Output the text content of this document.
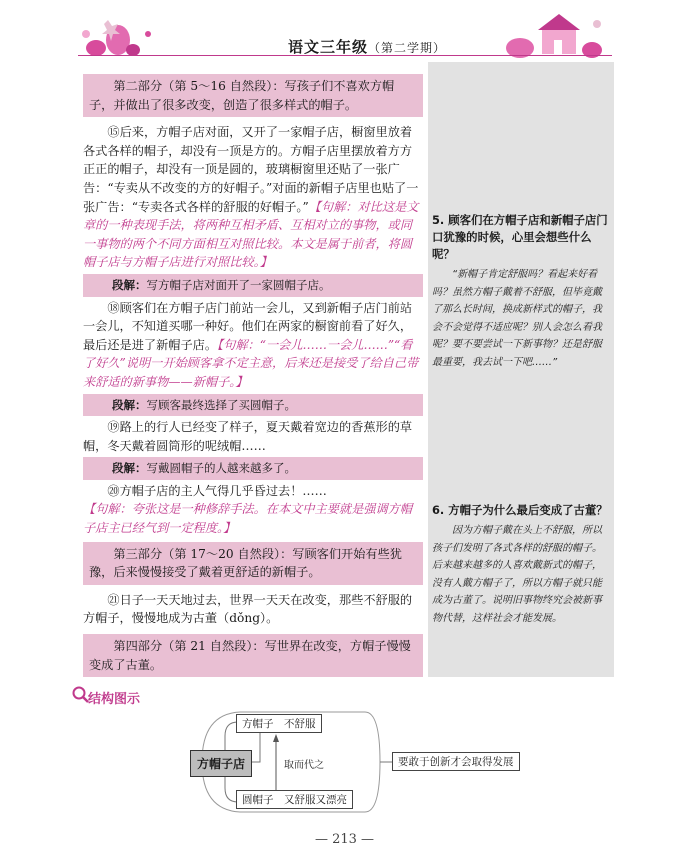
语文三年级（第二学期）
第二部分（第 5～16 自然段）：写孩子们不喜欢方帽子，并做出了很多改变，创造了很多样式的帽子。

⑮后来，方帽子店对面，又开了一家帽子店，橱窗里放着各式各样的帽子，却没有一顶是方的。方帽子店里摆放着方方正正的帽子，却没有一顶是圆的，玻璃橱窗里还贴了一张广告：“专卖从不改变的方的好帽子。”对面的新帽子店里也贴了一张广告：“专卖各式各样的舒服的好帽子。”【句解：对比这是文章的一种表现手法，将两种互相矛盾、互相对立的事物，或同一事物的两个不同方面相互对照比较。本文是属于前者，将圆帽子店与方帽子店进行对照比较。】

段解：写方帽子店对面开了一家圆帽子店。

⑱顾客们在方帽子店门前站一会儿，又到新帽子店门前站一会儿，不知道买哪一种好。他们在两家的橱窗前看了好久，最后还是进了新帽子店。【句解：“一会儿……一会儿……”“看了好久”说明一开始顾客拿不定主意，后来还是接受了给自己带来舒适的新事物——新帽子。】

段解：写顾客最终选择了买圆帽子。

⑲路上的行人已经变了样子，夏天戴着宽边的香蕉形的草帽，冬天戴着圆筒形的呢绒帽……

段解：写戴圆帽子的人越来越多了。

⑳方帽子店的主人气得几乎昏过去！……

【句解：夸张这是一种修辞手法。在本文中主要就是强调方帽子店主已经气到一定程度。】
第三部分（第 17～20 自然段）：写顾客们开始有些犹豫，后来慢慢接受了戴着更舒适的新帽子。

㉑日子一天天地过去，世界一天天在改变，那些不舒服的方帽子，慢慢地成为古董（dǒng）。

第四部分（第 21 自然段）：写世界在改变，方帽子慢慢变成了古董。
5. 顾客们在方帽子店和新帽子店门口犹豫的时候，心里会想些什么呢？
“新帽子肯定舒服吗？看起来好看吗？虽然方帽子戴着不舒服，但毕竟戴了那么长时间，换成新样式的帽子，我会不会觉得不适应呢？别人会怎么看我呢？要不要尝试一下新事物？还是舒服最重要，我去试一下吧……”
6. 方帽子为什么最后变成了古董？
因为方帽子戴在头上不舒服，所以孩子们发明了各式各样的舒服的帽子。后来越来越多的人喜欢戴新式的帽子，没有人戴方帽子了，所以方帽子就只能成为古董了。说明旧事物终究会被新事物代替，这样社会才能发展。
结构图示
方帽子店
方帽子　不舒服
圆帽子　又舒服又漂亮
取而代之	要敢于创新才会取得发展
— 213 —
